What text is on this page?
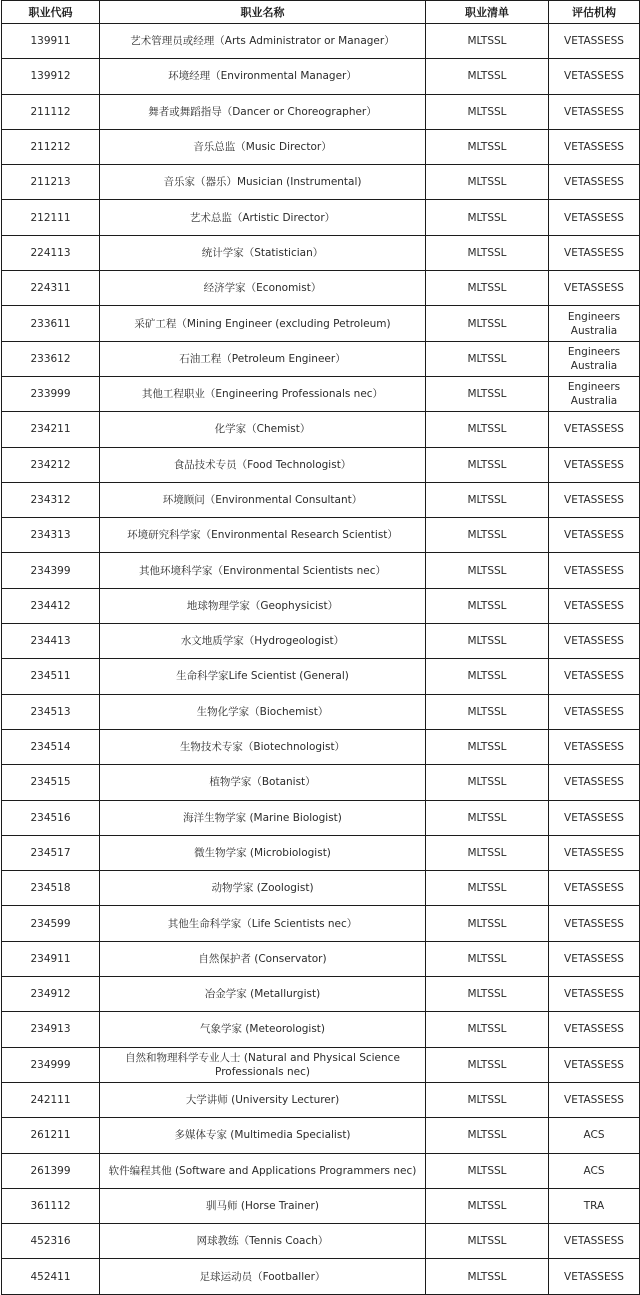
职业代码	职业名称	职业清单	评估机构
139911	艺术管理员或经理（Arts Administrator or Manager）	MLTSSL	VETASSESS
139912	环境经理（Environmental Manager）	MLTSSL	VETASSESS
211112	舞者或舞蹈指导（Dancer or Choreographer）	MLTSSL	VETASSESS
211212	音乐总监（Music Director）	MLTSSL	VETASSESS
211213	音乐家（器乐）Musician (Instrumental)	MLTSSL	VETASSESS
212111	艺术总监（Artistic Director）	MLTSSL	VETASSESS
224113	统计学家（Statistician）	MLTSSL	VETASSESS
224311	经济学家（Economist）	MLTSSL	VETASSESS
233611	采矿工程（Mining Engineer (excluding Petroleum)	MLTSSL	Engineers Australia
233612	石油工程（Petroleum Engineer）	MLTSSL	Engineers Australia
233999	其他工程职业（Engineering Professionals nec）	MLTSSL	Engineers Australia
234211	化学家（Chemist）	MLTSSL	VETASSESS
234212	食品技术专员（Food Technologist）	MLTSSL	VETASSESS
234312	环境顾问（Environmental Consultant）	MLTSSL	VETASSESS
234313	环境研究科学家（Environmental Research Scientist）	MLTSSL	VETASSESS
234399	其他环境科学家（Environmental Scientists nec）	MLTSSL	VETASSESS
234412	地球物理学家（Geophysicist）	MLTSSL	VETASSESS
234413	水文地质学家（Hydrogeologist）	MLTSSL	VETASSESS
234511	生命科学家Life Scientist (General)	MLTSSL	VETASSESS
234513	生物化学家（Biochemist）	MLTSSL	VETASSESS
234514	生物技术专家（Biotechnologist）	MLTSSL	VETASSESS
234515	植物学家（Botanist）	MLTSSL	VETASSESS
234516	海洋生物学家 (Marine Biologist)	MLTSSL	VETASSESS
234517	微生物学家 (Microbiologist)	MLTSSL	VETASSESS
234518	动物学家 (Zoologist)	MLTSSL	VETASSESS
234599	其他生命科学家（Life Scientists nec）	MLTSSL	VETASSESS
234911	自然保护者 (Conservator)	MLTSSL	VETASSESS
234912	冶金学家 (Metallurgist)	MLTSSL	VETASSESS
234913	气象学家 (Meteorologist)	MLTSSL	VETASSESS
234999	自然和物理科学专业人士 (Natural and Physical Science Professionals nec)	MLTSSL	VETASSESS
242111	大学讲师 (University Lecturer)	MLTSSL	VETASSESS
261211	多媒体专家 (Multimedia Specialist)	MLTSSL	ACS
261399	软件编程其他 (Software and Applications Programmers nec)	MLTSSL	ACS
361112	驯马师 (Horse Trainer)	MLTSSL	TRA
452316	网球教练（Tennis Coach）	MLTSSL	VETASSESS
452411	足球运动员（Footballer）	MLTSSL	VETASSESS
